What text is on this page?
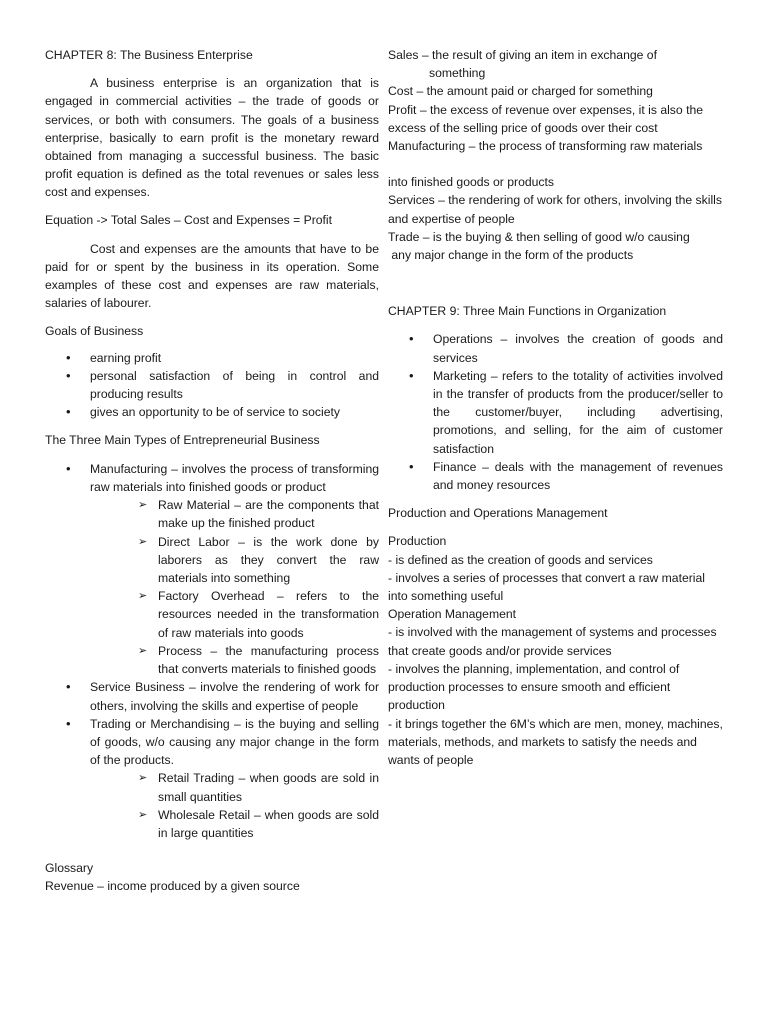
CHAPTER 8: The Business Enterprise

A business enterprise is an organization that is engaged in commercial activities – the trade of goods or services, or both with consumers. The goals of a business enterprise, basically to earn profit is the monetary reward obtained from managing a successful business. The basic profit equation is defined as the total revenues or sales less cost and expenses.

Equation -> Total Sales – Cost and Expenses = Profit

Cost and expenses are the amounts that have to be paid for or spent by the business in its operation. Some examples of these cost and expenses are raw materials, salaries of labourer.

Goals of Business

• earning profit
• personal satisfaction of being in control and producing results
• gives an opportunity to be of service to society

The Three Main Types of Entrepreneurial Business

• Manufacturing – involves the process of transforming raw materials into finished goods or product
➢ Raw Material – are the components that make up the finished product
➢ Direct Labor – is the work done by laborers as they convert the raw materials into something
➢ Factory Overhead – refers to the resources needed in the transformation of raw materials into goods
➢ Process – the manufacturing process that converts materials to finished goods
• Service Business – involve the rendering of work for others, involving the skills and expertise of people
• Trading or Merchandising – is the buying and selling of goods, w/o causing any major change in the form of the products.
➢ Retail Trading – when goods are sold in small quantities
➢ Wholesale Retail – when goods are sold in large quantities

Glossary

Revenue – income produced by a given source

Sales – the result of giving an item in exchange of

something

Cost – the amount paid or charged for something

Profit – the excess of revenue over expenses, it is also the excess of the selling price of goods over their cost

Manufacturing – the process of transforming raw materials

into finished goods or products

Services – the rendering of work for others, involving the skills and expertise of people

Trade – is the buying & then selling of good w/o causing

any major change in the form of the products

CHAPTER 9: Three Main Functions in Organization

• Operations – involves the creation of goods and services
• Marketing – refers to the totality of activities involved in the transfer of products from the producer/seller to the customer/buyer, including advertising, promotions, and selling, for the aim of customer satisfaction
• Finance – deals with the management of revenues and money resources

Production and Operations Management

Production

- is defined as the creation of goods and services

- involves a series of processes that convert a raw material into something useful

Operation Management

- is involved with the management of systems and processes that create goods and/or provide services

- involves the planning, implementation, and control of production processes to ensure smooth and efficient production

- it brings together the 6M’s which are men, money, machines, materials, methods, and markets to satisfy the needs and wants of people
